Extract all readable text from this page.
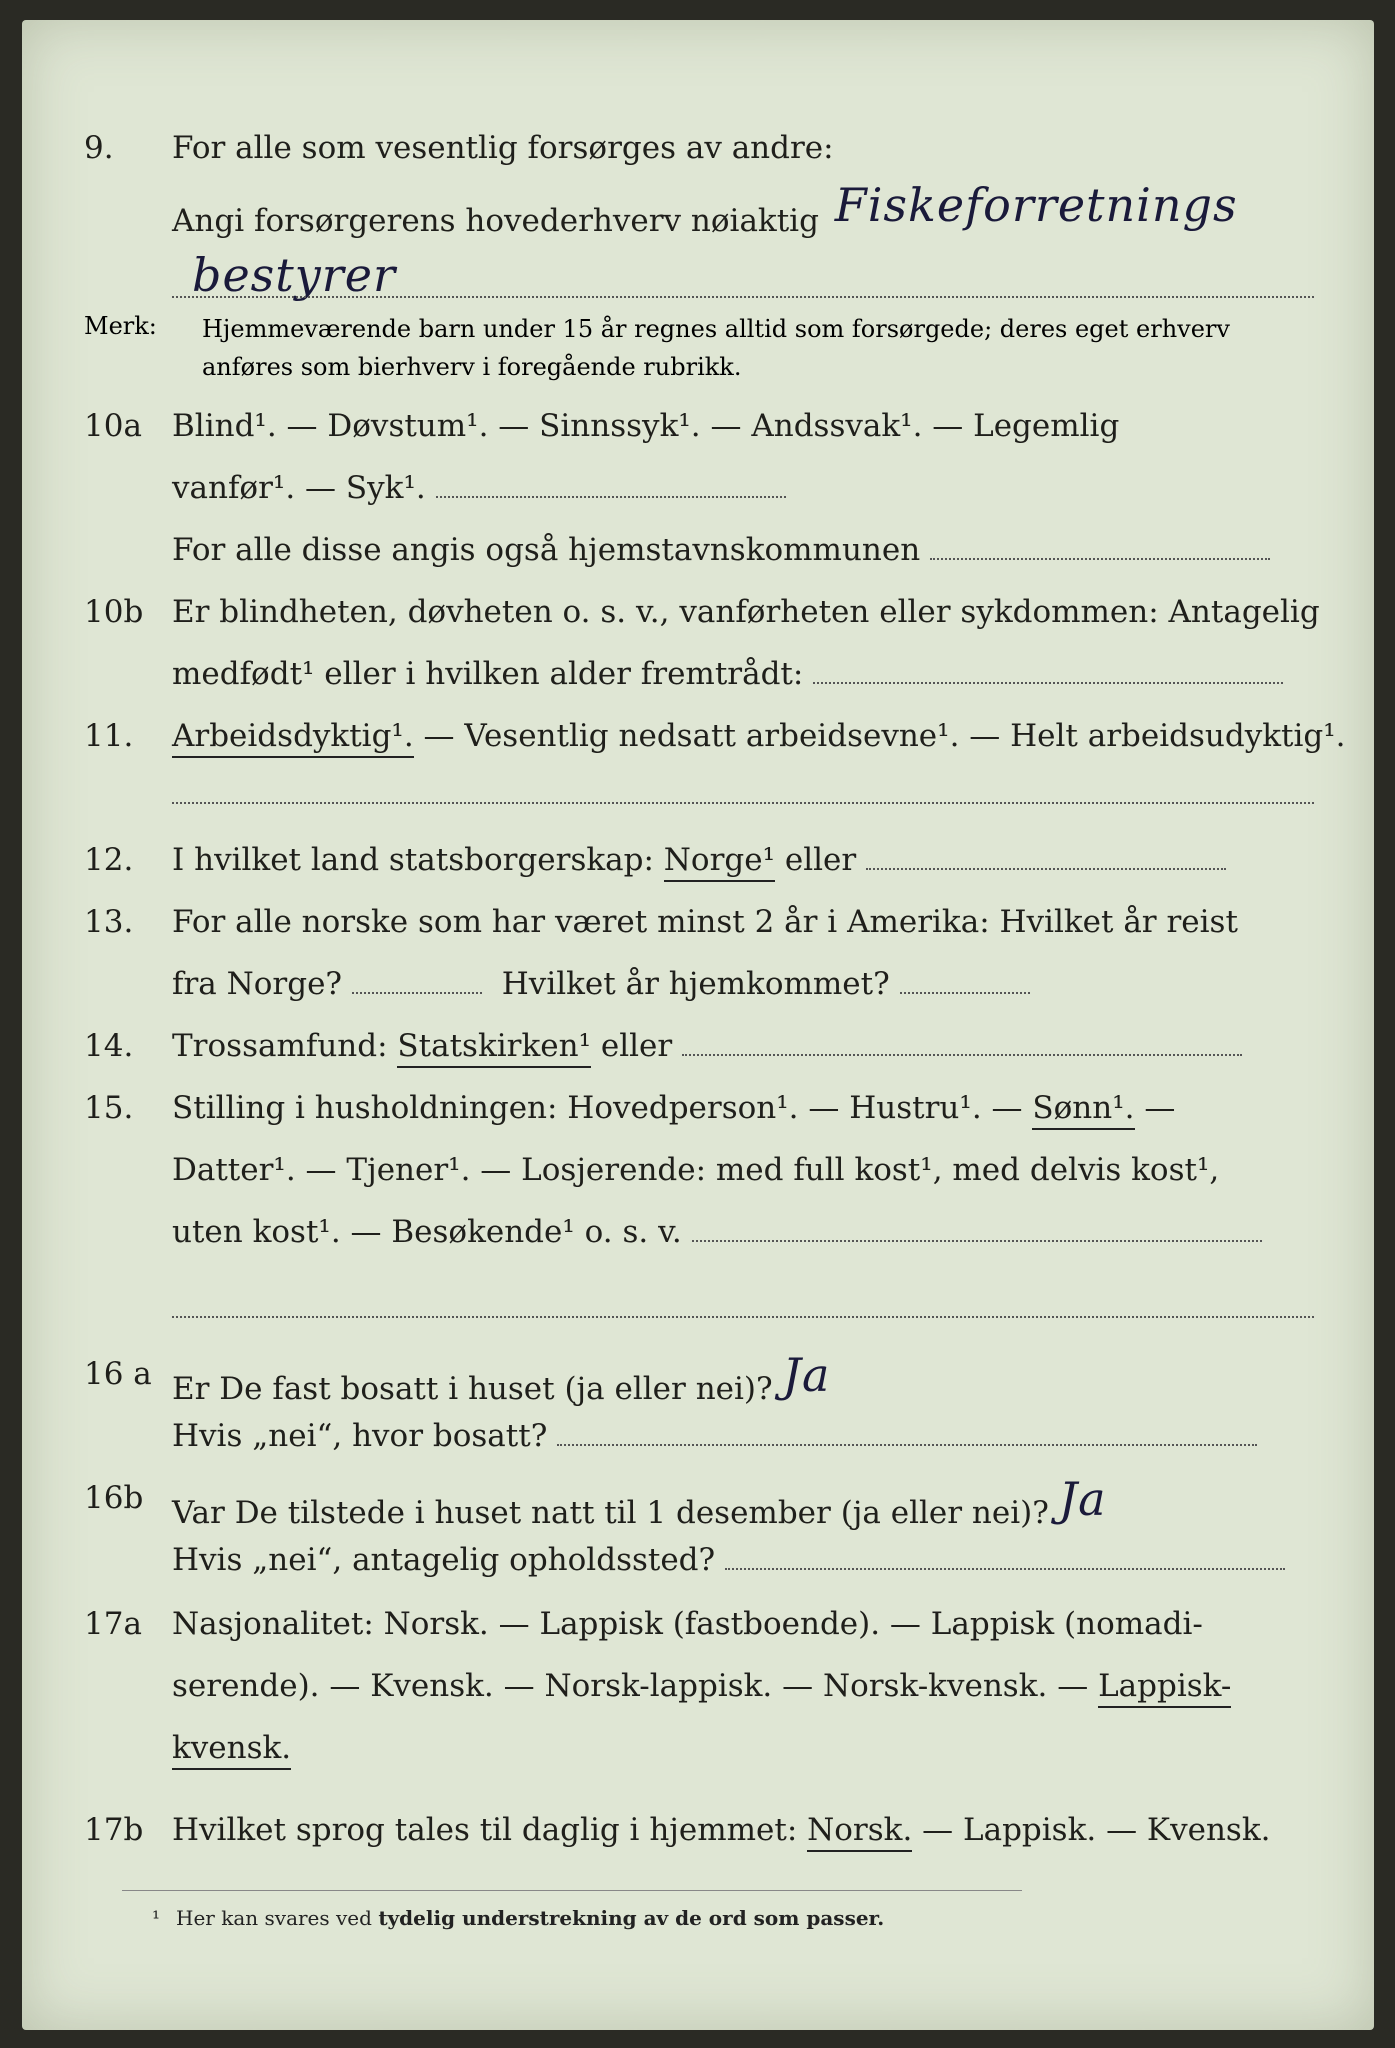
9.	For alle som vesentlig forsørges av andre:
Angi forsørgerens hovederhverv nøiaktig Fiskeforretnings
bestyrer
Merk: Hjemmeværende barn under 15 år regnes alltid som forsørgede; deres eget erhverv
anføres som bierhverv i foregående rubrikk.
10a Blind¹. — Døvstum¹. — Sinnssyk¹. — Andssvak¹. — Legemlig
vanfør¹. — Syk¹.
For alle disse angis også hjemstavnskommunen
10b Er blindheten, døvheten o. s. v., vanførheten eller sykdommen: Antagelig
medfødt¹ eller i hvilken alder fremtrådt:
11.	Arbeidsdyktig¹. — Vesentlig nedsatt arbeidsevne¹. — Helt arbeidsudyktig¹.
12.	I hvilket land statsborgerskap: Norge¹ eller
13.	For alle norske som har været minst 2 år i Amerika: Hvilket år reist
fra Norge?	Hvilket år hjemkommet?
14.	Trossamfund: Statskirken¹ eller
15.	Stilling i husholdningen: Hovedperson¹. — Hustru¹. — Sønn¹. —
Datter¹. — Tjener¹. — Losjerende: med full kost¹, med delvis kost¹,
uten kost¹. — Besøkende¹ o. s. v.
16 a Er De fast bosatt i huset (ja eller nei)? Ja
Hvis „nei“, hvor bosatt?
16b Var De tilstede i huset natt til 1 desember (ja eller nei)? Ja
Hvis „nei“, antagelig opholdssted?
17a Nasjonalitet: Norsk. — Lappisk (fastboende). — Lappisk (nomadi-
serende). — Kvensk. — Norsk-lappisk. — Norsk-kvensk. — Lappisk-
kvensk.
17b Hvilket sprog tales til daglig i hjemmet: Norsk. — Lappisk. — Kvensk.
¹ Her kan svares ved tydelig understrekning av de ord som passer.
